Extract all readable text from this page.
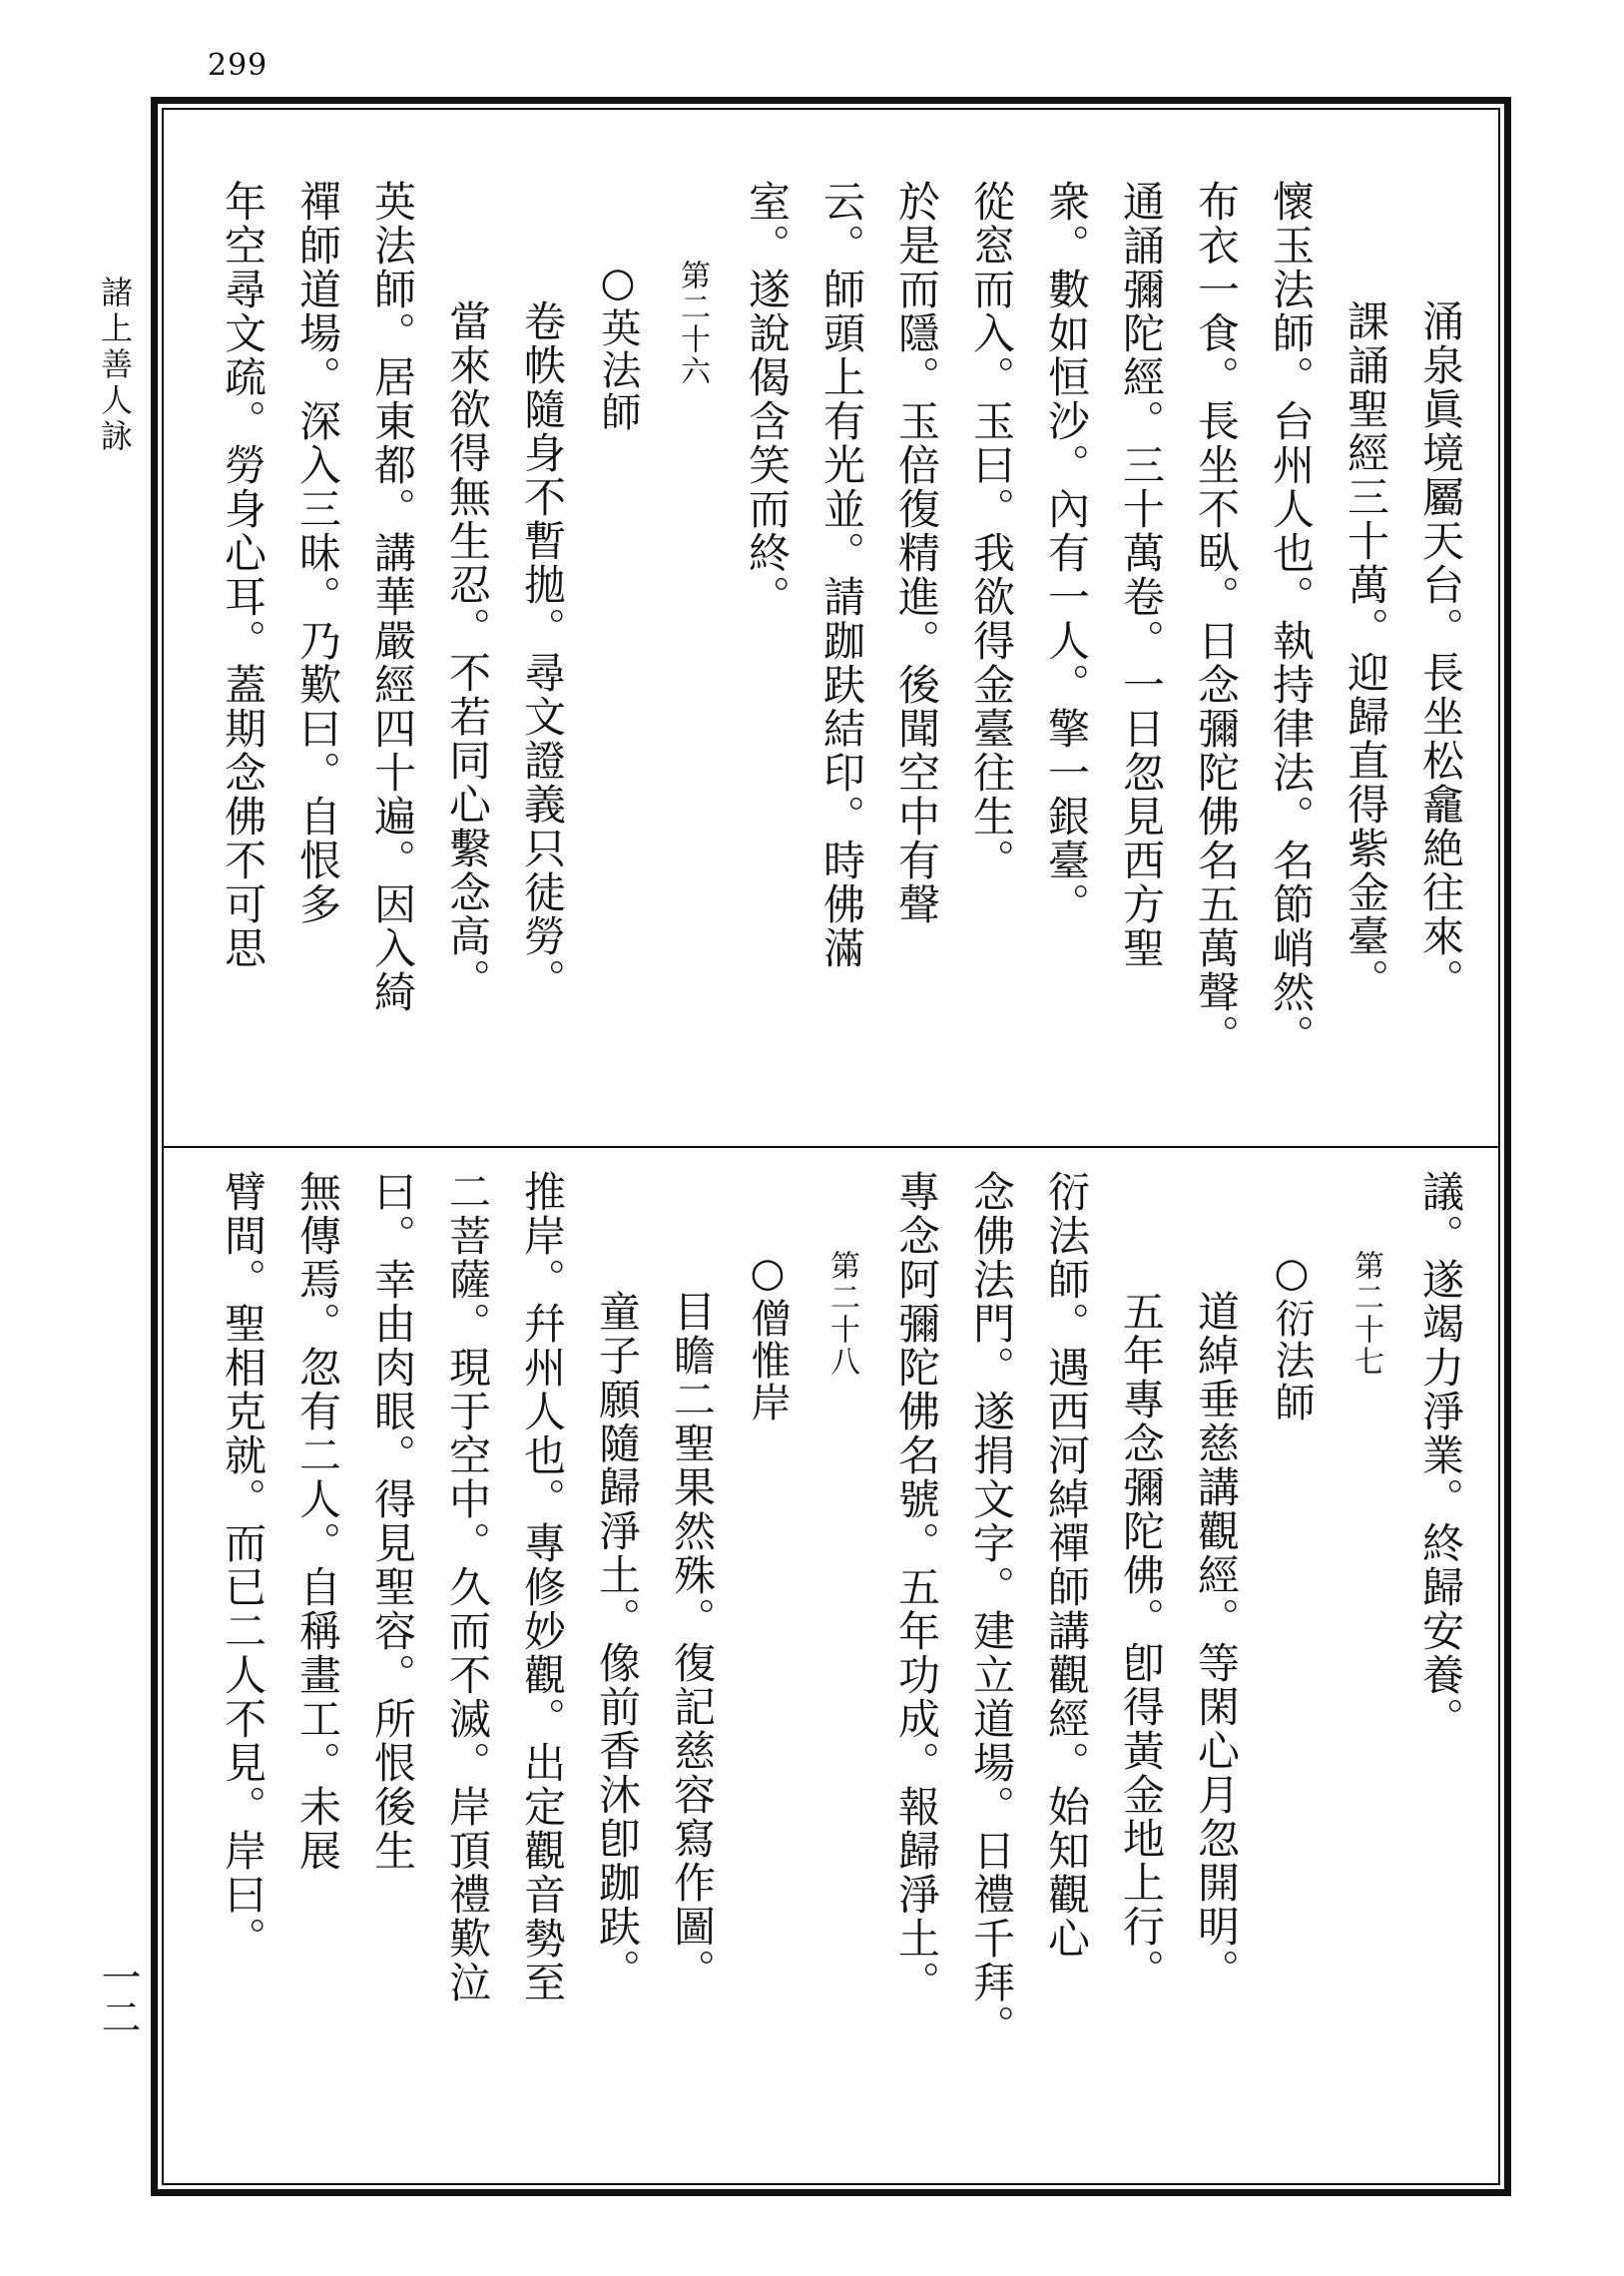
299
諸上善人詠
一二
涌泉眞境屬天台。長坐松龕絶往來。
課誦聖經三十萬。迎歸直得紫金臺。
懷玉法師。台州人也。執持律法。名節峭然。
布衣一食。長坐不臥。日念彌陀佛名五萬聲。
通誦彌陀經。三十萬卷。一日忽見西方聖
衆。數如恒沙。內有一人。擎一銀臺。
從窓而入。玉曰。我欲得金臺往生。
於是而隱。玉倍復精進。後聞空中有聲
云。師頭上有光並。請跏趺結印。時佛滿
室。遂說偈含笑而終。
第二十六
○英法師
卷帙隨身不暫拋。尋文證義只徒勞。
當來欲得無生忍。不若同心繫念高。
英法師。居東都。講華嚴經四十遍。因入綺
禪師道場。深入三昧。乃歎曰。自恨多
年空尋文疏。勞身心耳。蓋期念佛不可思
議。遂竭力淨業。終歸安養。
第二十七
○衍法師
道綽垂慈講觀經。等閑心月忽開明。
五年專念彌陀佛。卽得黃金地上行。
衍法師。遇西河綽禪師講觀經。始知觀心
念佛法門。遂捐文字。建立道場。日禮千拜。
專念阿彌陀佛名號。五年功成。報歸淨土。
第二十八
○僧惟岸
目瞻二聖果然殊。復記慈容寫作圖。
童子願隨歸淨土。像前香沐卽跏趺。
推岸。幷州人也。專修妙觀。出定觀音勢至
二菩薩。現于空中。久而不滅。岸頂禮歎泣
曰。幸由肉眼。得見聖容。所恨後生
無傳焉。忽有二人。自稱畫工。未展
臂間。聖相克就。而已二人不見。岸曰。
